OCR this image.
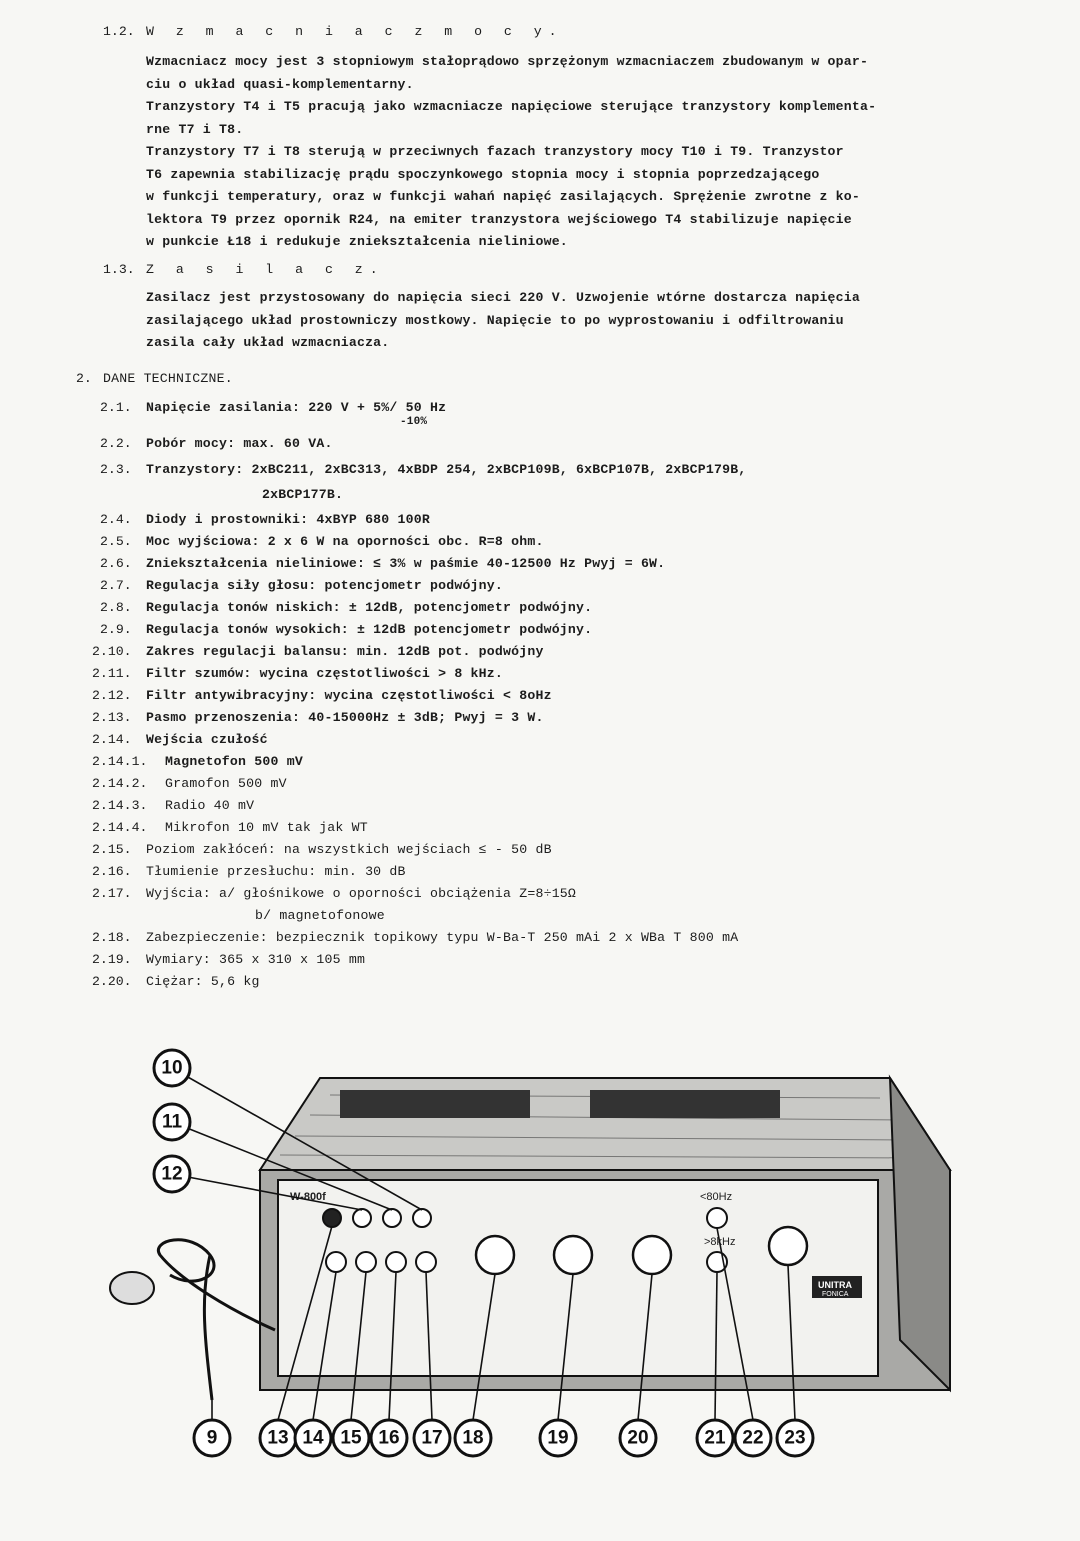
1.2. W z m a c n i a c z m o c y.
Wzmacniacz mocy jest 3 stopniowym stałoprądowo sprzężonym wzmacniaczem zbudowanym w opar-
ciu o układ quasi-komplementarny.
Tranzystory T4 i T5 pracują jako wzmacniacze napięciowe sterujące tranzystory komplementa-
rne T7 i T8.
Tranzystory T7 i T8 sterują w przeciwnych fazach tranzystory mocy T10 i T9. Tranzystor
T6 zapewnia stabilizację prądu spoczynkowego stopnia mocy i stopnia poprzedzającego
w funkcji temperatury, oraz w funkcji wahań napięć zasilających. Sprężenie zwrotne z ko-
lektora T9 przez opornik R24, na emiter tranzystora wejściowego T4 stabilizuje napięcie
w punkcie Ł18 i redukuje zniekształcenia nieliniowe.
1.3. Z a s i l a c z.
Zasilacz jest przystosowany do napięcia sieci 220 V. Uzwojenie wtórne dostarcza napięcia
zasilającego układ prostowniczy mostkowy. Napięcie to po wyprostowaniu i odfiltrowaniu
zasila cały układ wzmacniacza.
2. DANE TECHNICZNE.
2.1. Napięcie zasilania: 220 V + 5%/ 50 Hz
-10%
2.2. Pobór mocy: max. 60 VA.
2.3. Tranzystory: 2xBC211, 2xBC313, 4xBDP 254, 2xBCP109B, 6xBCP107B, 2xBCP179B,
2xBCP177B.
2.4. Diody i prostowniki: 4xBYP 680 100R
2.5. Moc wyjściowa: 2 x 6 W na oporności obc. R=8 ohm.
2.6. Zniekształcenia nieliniowe: ≤ 3% w paśmie 40-12500 Hz Pwyj = 6W.
2.7. Regulacja siły głosu: potencjometr podwójny.
2.8. Regulacja tonów niskich: ± 12dB, potencjometr podwójny.
2.9. Regulacja tonów wysokich: ± 12dB potencjometr podwójny.
2.10. Zakres regulacji balansu: min. 12dB pot. podwójny
2.11. Filtr szumów: wycina częstotliwości > 8 kHz.
2.12. Filtr antywibracyjny: wycina częstotliwości < 8oHz
2.13. Pasmo przenoszenia: 40-15000Hz ± 3dB; Pwyj = 3 W.
2.14. Wejścia czułość
2.14.1. Magnetofon 500 mV
2.14.2. Gramofon 500 mV
2.14.3. Radio 40 mV
2.14.4. Mikrofon 10 mV tak jak WT
2.15. Poziom zakłóceń: na wszystkich wejściach ≤ - 50 dB
2.16. Tłumienie przesłuchu: min. 30 dB
2.17. Wyjścia: a/ głośnikowe o oporności obciążenia Z=8÷15Ω
b/ magnetofonowe
2.18. Zabezpieczenie: bezpiecznik topikowy typu W-Ba-T 250 mAi 2 x WBa T 800 mA
2.19. Wymiary: 365 x 310 x 105 mm
2.20. Ciężar: 5,6 kg
W-800f	<80Hz
>8kHz
UNITRA
FONICA
10
11
12
9	13 14 15 16 17 18	19	20	21 22 23
